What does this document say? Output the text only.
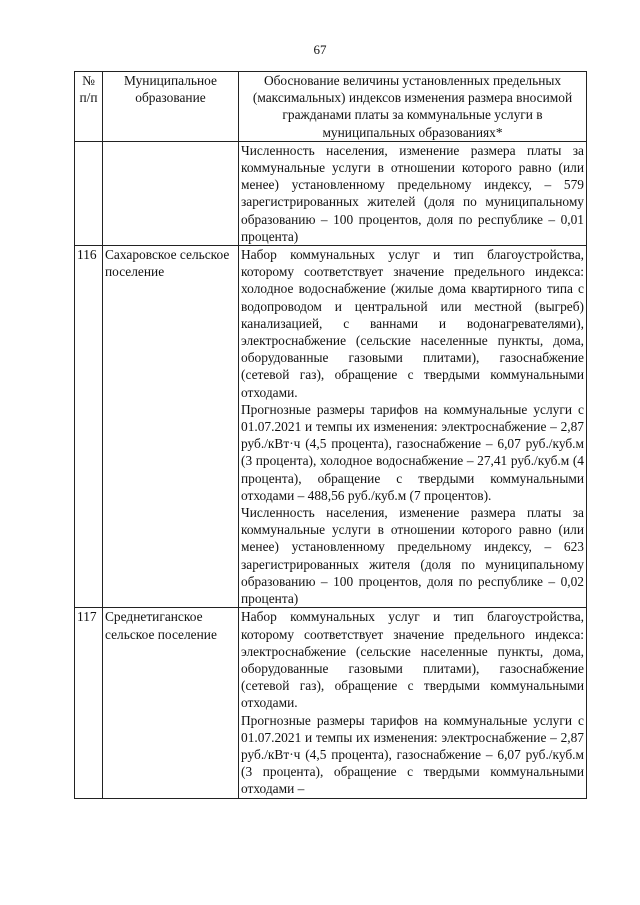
67
№ п/п	Муниципальное образование	Обоснование величины установленных предельных (максимальных) индексов изменения размера вносимой гражданами платы за коммунальные услуги в муниципальных образованиях*

		Численность населения, изменение размера платы за коммунальные услуги в отношении которого равно (или менее) установленному предельному индексу, – 579 зарегистрированных жителей (доля по муниципальному образованию – 100 процентов, доля по республике – 0,01 процента)

116	Сахаровское сельское поселение	Набор коммунальных услуг и тип благоустройства, которому соответствует значение предельного индекса: холодное водоснабжение (жилые дома квартирного типа с водопроводом и центральной или местной (выгреб) канализацией, с ваннами и водонагревателями), электроснабжение (сельские населенные пункты, дома, оборудованные газовыми плитами), газоснабжение (сетевой газ), обращение с твердыми коммунальными отходами.

Прогнозные размеры тарифов на коммунальные услуги с 01.07.2021 и темпы их изменения: электроснабжение – 2,87 руб./кВт·ч (4,5 процента), газоснабжение – 6,07 руб./куб.м (3 процента), холодное водоснабжение – 27,41 руб./куб.м (4 процента), обращение с твердыми коммунальными отходами – 488,56 руб./куб.м (7 процентов).

Численность населения, изменение размера платы за коммунальные услуги в отношении которого равно (или менее) установленному предельному индексу, – 623 зарегистрированных жителя (доля по муниципальному образованию – 100 процентов, доля по республике – 0,02 процента)

117	Среднетиганское сельское поселение	Набор коммунальных услуг и тип благоустройства, которому соответствует значение предельного индекса: электроснабжение (сельские населенные пункты, дома, оборудованные газовыми плитами), газоснабжение (сетевой газ), обращение с твердыми коммунальными отходами.

Прогнозные размеры тарифов на коммунальные услуги с 01.07.2021 и темпы их изменения: электроснабжение – 2,87 руб./кВт·ч (4,5 процента), газоснабжение – 6,07 руб./куб.м (3 процента), обращение с твердыми коммунальными отходами –
